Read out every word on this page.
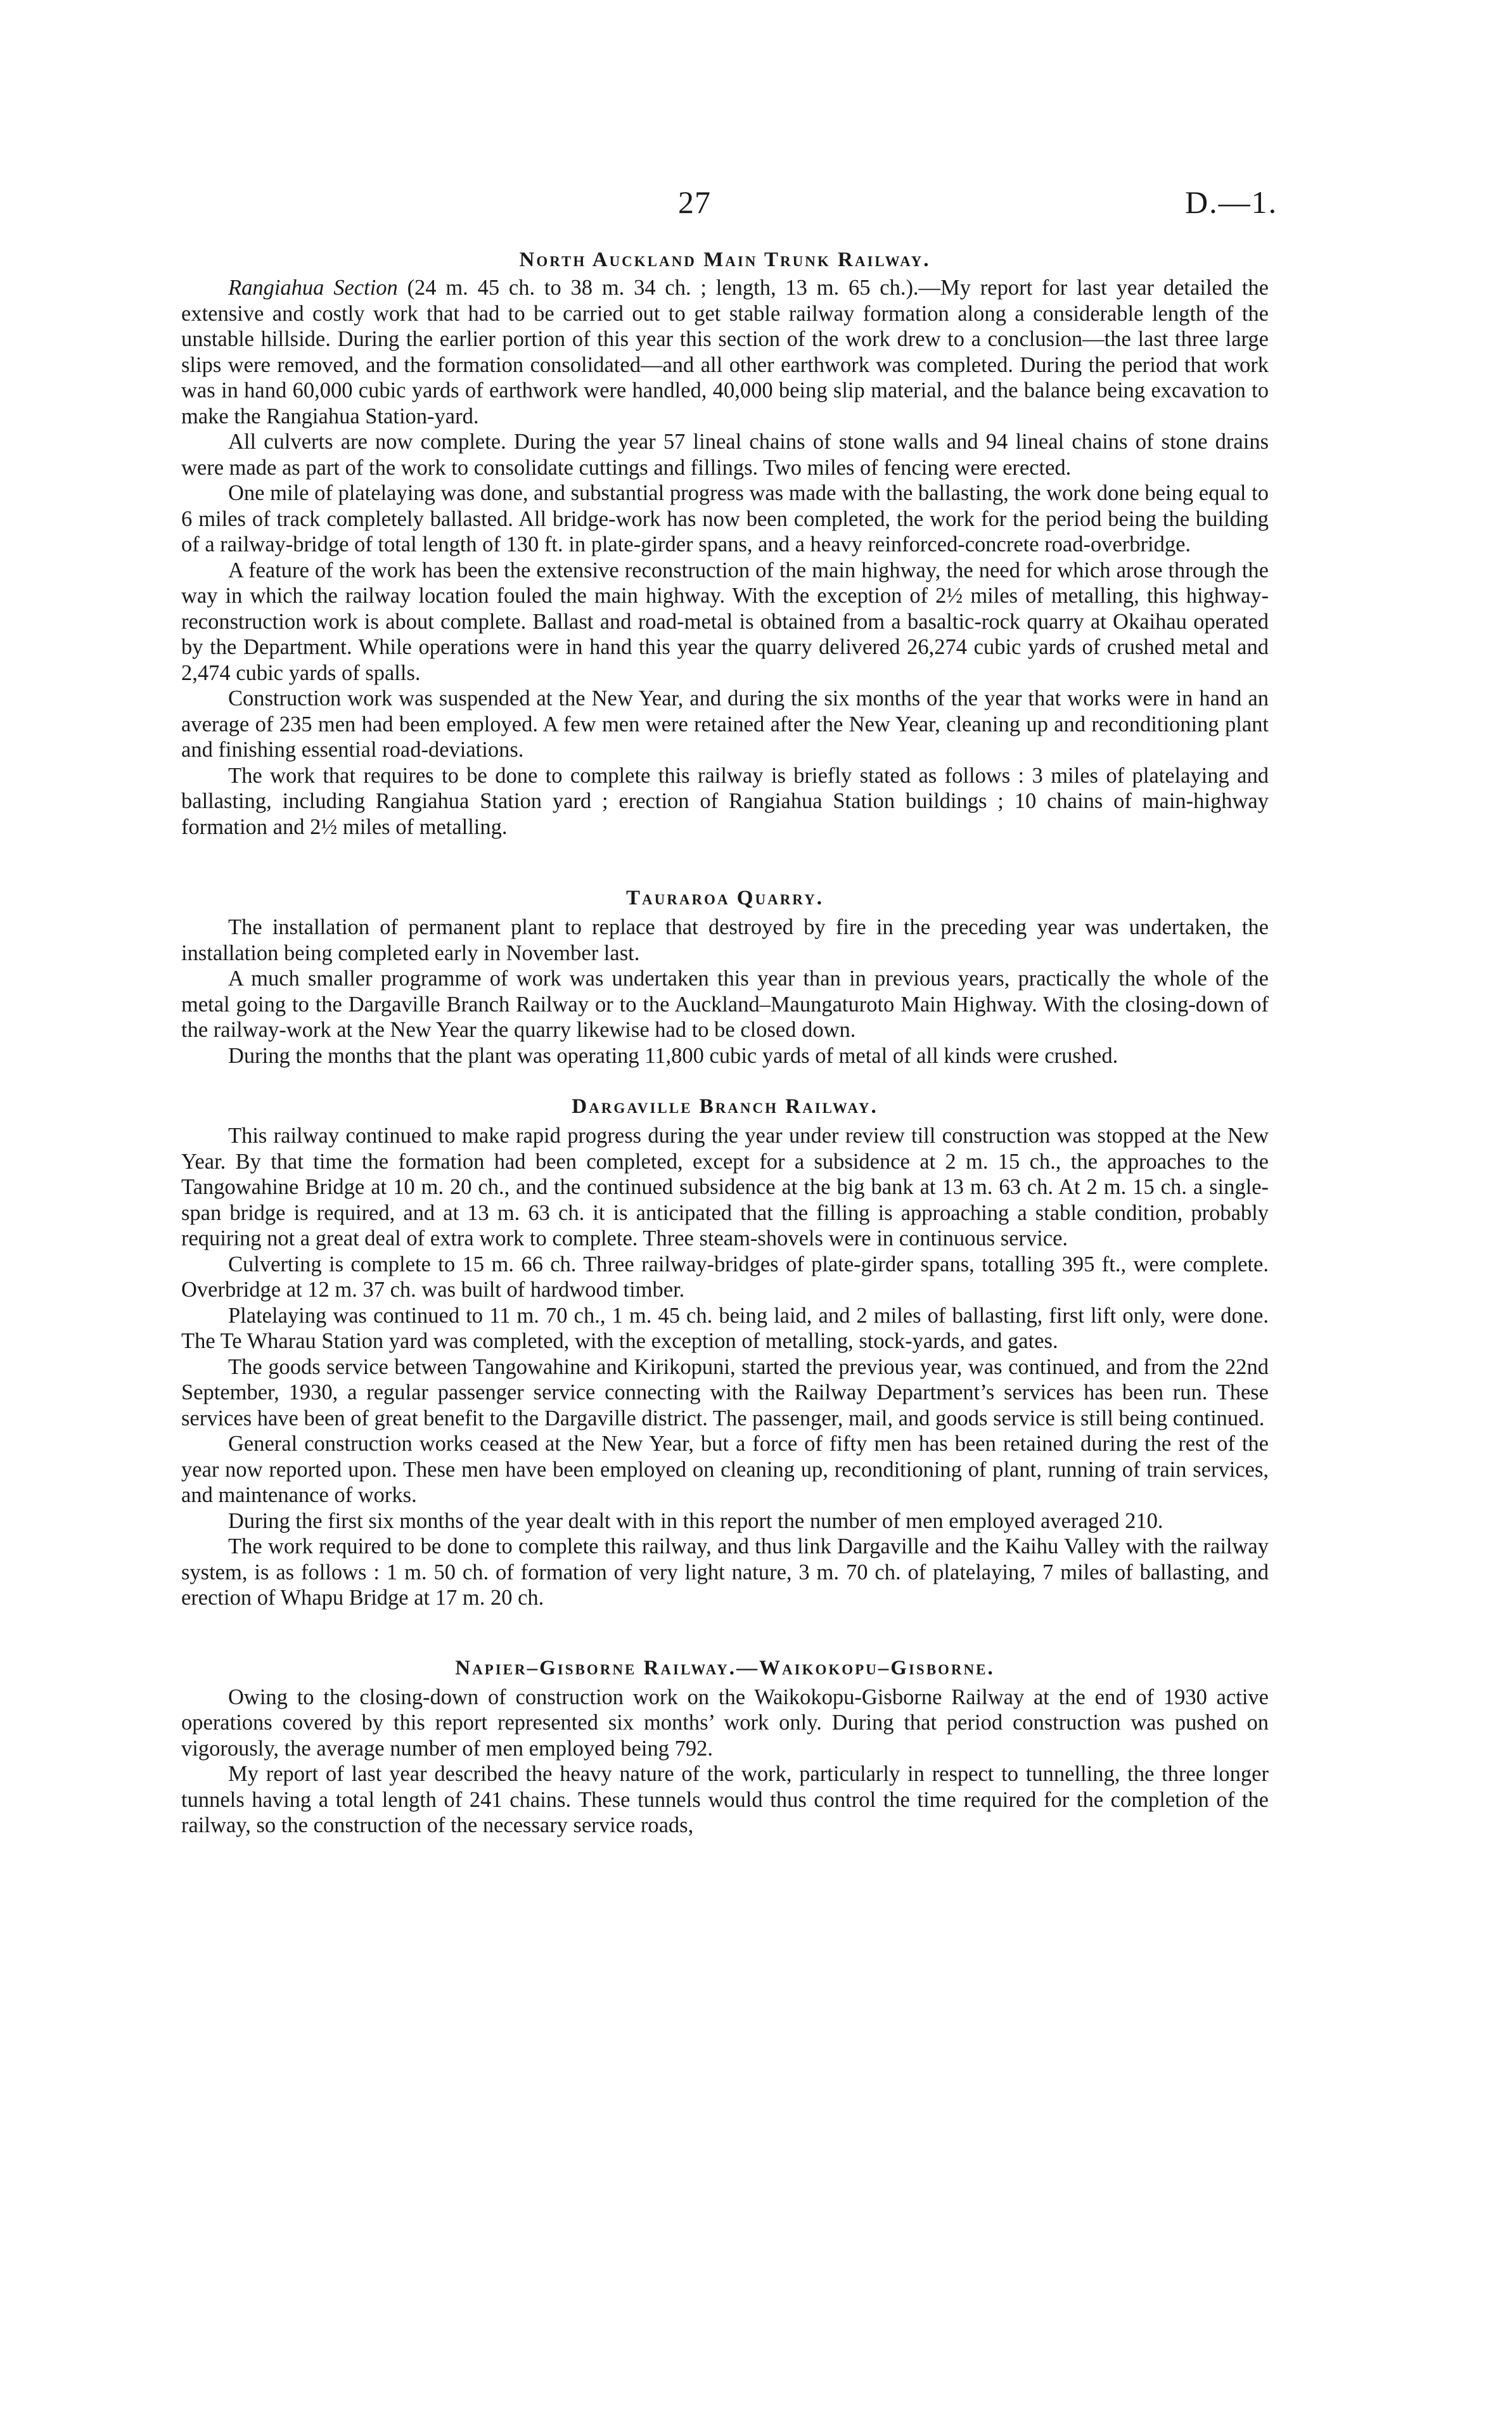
27	D.—1.
North Auckland Main Trunk Railway.

Rangiahua Section (24 m. 45 ch. to 38 m. 34 ch. ; length, 13 m. 65 ch.).—My report for last year detailed the extensive and costly work that had to be carried out to get stable railway formation along a considerable length of the unstable hillside. During the earlier portion of this year this section of the work drew to a conclusion—the last three large slips were removed, and the formation consolidated—and all other earthwork was completed. During the period that work was in hand 60,000 cubic yards of earthwork were handled, 40,000 being slip material, and the balance being excavation to make the Rangiahua Station-yard.

All culverts are now complete. During the year 57 lineal chains of stone walls and 94 lineal chains of stone drains were made as part of the work to consolidate cuttings and fillings. Two miles of fencing were erected.

One mile of platelaying was done, and substantial progress was made with the ballasting, the work done being equal to 6 miles of track completely ballasted. All bridge-work has now been completed, the work for the period being the building of a railway-bridge of total length of 130 ft. in plate-girder spans, and a heavy reinforced-concrete road-overbridge.

A feature of the work has been the extensive reconstruction of the main highway, the need for which arose through the way in which the railway location fouled the main highway. With the exception of 2½ miles of metalling, this highway-reconstruction work is about complete. Ballast and road-metal is obtained from a basaltic-rock quarry at Okaihau operated by the Department. While operations were in hand this year the quarry delivered 26,274 cubic yards of crushed metal and 2,474 cubic yards of spalls.

Construction work was suspended at the New Year, and during the six months of the year that works were in hand an average of 235 men had been employed. A few men were retained after the New Year, cleaning up and reconditioning plant and finishing essential road-deviations.

The work that requires to be done to complete this railway is briefly stated as follows : 3 miles of platelaying and ballasting, including Rangiahua Station yard ; erection of Rangiahua Station buildings ; 10 chains of main-highway formation and 2½ miles of metalling.

Tauraroa Quarry.

The installation of permanent plant to replace that destroyed by fire in the preceding year was undertaken, the installation being completed early in November last.

A much smaller programme of work was undertaken this year than in previous years, practically the whole of the metal going to the Dargaville Branch Railway or to the Auckland–Maungaturoto Main Highway. With the closing-down of the railway-work at the New Year the quarry likewise had to be closed down.

During the months that the plant was operating 11,800 cubic yards of metal of all kinds were crushed.

Dargaville Branch Railway.

This railway continued to make rapid progress during the year under review till construction was stopped at the New Year. By that time the formation had been completed, except for a subsidence at 2 m. 15 ch., the approaches to the Tangowahine Bridge at 10 m. 20 ch., and the continued subsidence at the big bank at 13 m. 63 ch. At 2 m. 15 ch. a single-span bridge is required, and at 13 m. 63 ch. it is anticipated that the filling is approaching a stable condition, probably requiring not a great deal of extra work to complete. Three steam-shovels were in continuous service.

Culverting is complete to 15 m. 66 ch. Three railway-bridges of plate-girder spans, totalling 395 ft., were complete. Overbridge at 12 m. 37 ch. was built of hardwood timber.

Platelaying was continued to 11 m. 70 ch., 1 m. 45 ch. being laid, and 2 miles of ballasting, first lift only, were done. The Te Wharau Station yard was completed, with the exception of metalling, stock-yards, and gates.

The goods service between Tangowahine and Kirikopuni, started the previous year, was continued, and from the 22nd September, 1930, a regular passenger service connecting with the Railway Department’s services has been run. These services have been of great benefit to the Dargaville district. The passenger, mail, and goods service is still being continued.

General construction works ceased at the New Year, but a force of fifty men has been retained during the rest of the year now reported upon. These men have been employed on cleaning up, reconditioning of plant, running of train services, and maintenance of works.

During the first six months of the year dealt with in this report the number of men employed averaged 210.

The work required to be done to complete this railway, and thus link Dargaville and the Kaihu Valley with the railway system, is as follows : 1 m. 50 ch. of formation of very light nature, 3 m. 70 ch. of platelaying, 7 miles of ballasting, and erection of Whapu Bridge at 17 m. 20 ch.

Napier–Gisborne Railway.—Waikokopu–Gisborne.

Owing to the closing-down of construction work on the Waikokopu-Gisborne Railway at the end of 1930 active operations covered by this report represented six months’ work only. During that period construction was pushed on vigorously, the average number of men employed being 792.

My report of last year described the heavy nature of the work, particularly in respect to tunnelling, the three longer tunnels having a total length of 241 chains. These tunnels would thus control the time required for the completion of the railway, so the construction of the necessary service roads,
